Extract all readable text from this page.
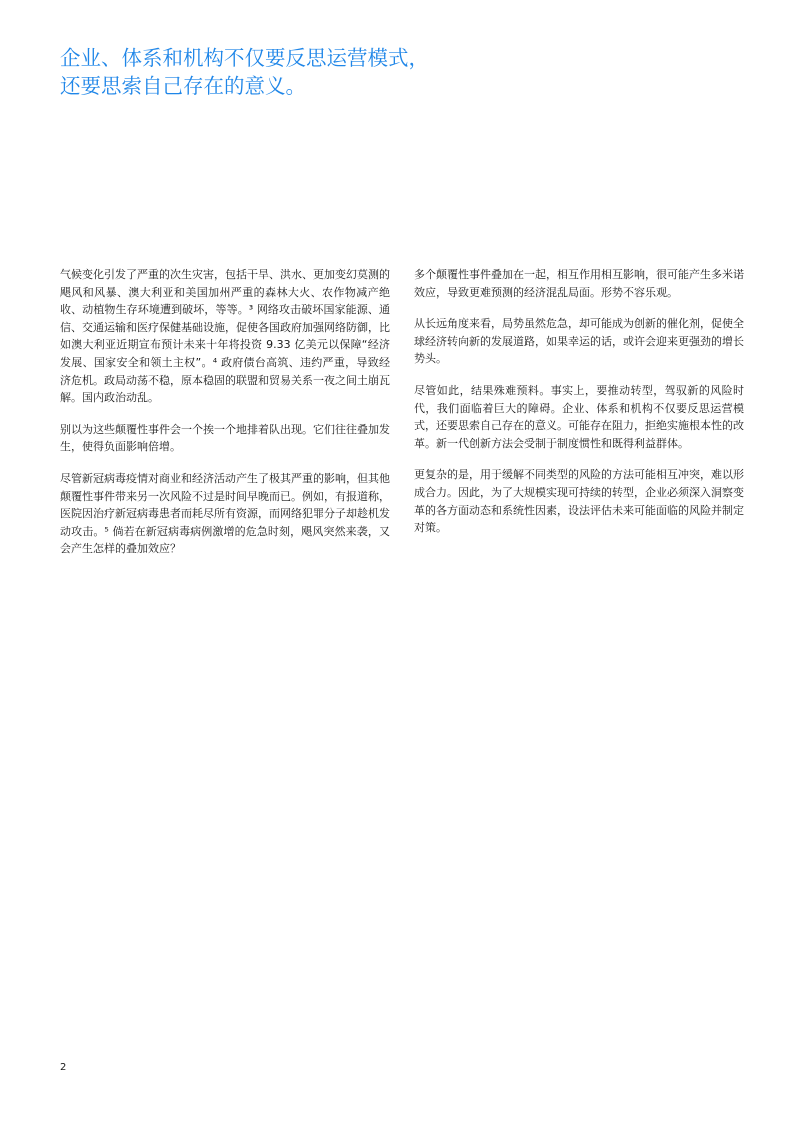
企业、体系和机构不仅要反思运营模式，
还要思索自己存在的意义。

气候变化引发了严重的次生灾害，包括干旱、洪水、更加变幻莫测的飓风和风暴、澳大利亚和美国加州严重的森林大火、农作物减产绝收、动植物生存环境遭到破坏，等等。³ 网络攻击破坏国家能源、通信、交通运输和医疗保健基础设施，促使各国政府加强网络防御，比如澳大利亚近期宣布预计未来十年将投资 9.33 亿美元以保障“经济发展、国家安全和领土主权”。⁴ 政府债台高筑、违约严重，导致经济危机。政局动荡不稳，原本稳固的联盟和贸易关系一夜之间土崩瓦解。国内政治动乱。

别以为这些颠覆性事件会一个挨一个地排着队出现。它们往往叠加发生，使得负面影响倍增。

尽管新冠病毒疫情对商业和经济活动产生了极其严重的影响，但其他颠覆性事件带来另一次风险不过是时间早晚而已。例如，有报道称，医院因治疗新冠病毒患者而耗尽所有资源，而网络犯罪分子却趁机发动攻击。⁵ 倘若在新冠病毒病例激增的危急时刻，飓风突然来袭，又会产生怎样的叠加效应？

多个颠覆性事件叠加在一起，相互作用相互影响，很可能产生多米诺效应，导致更难预测的经济混乱局面。形势不容乐观。

从长远角度来看，局势虽然危急，却可能成为创新的催化剂，促使全球经济转向新的发展道路，如果幸运的话，或许会迎来更强劲的增长势头。

尽管如此，结果殊难预料。事实上，要推动转型，驾驭新的风险时代，我们面临着巨大的障碍。企业、体系和机构不仅要反思运营模式，还要思索自己存在的意义。可能存在阻力，拒绝实施根本性的改革。新一代创新方法会受制于制度惯性和既得利益群体。

更复杂的是，用于缓解不同类型的风险的方法可能相互冲突，难以形成合力。因此，为了大规模实现可持续的转型，企业必须深入洞察变革的各方面动态和系统性因素，设法评估未来可能面临的风险并制定对策。

2
